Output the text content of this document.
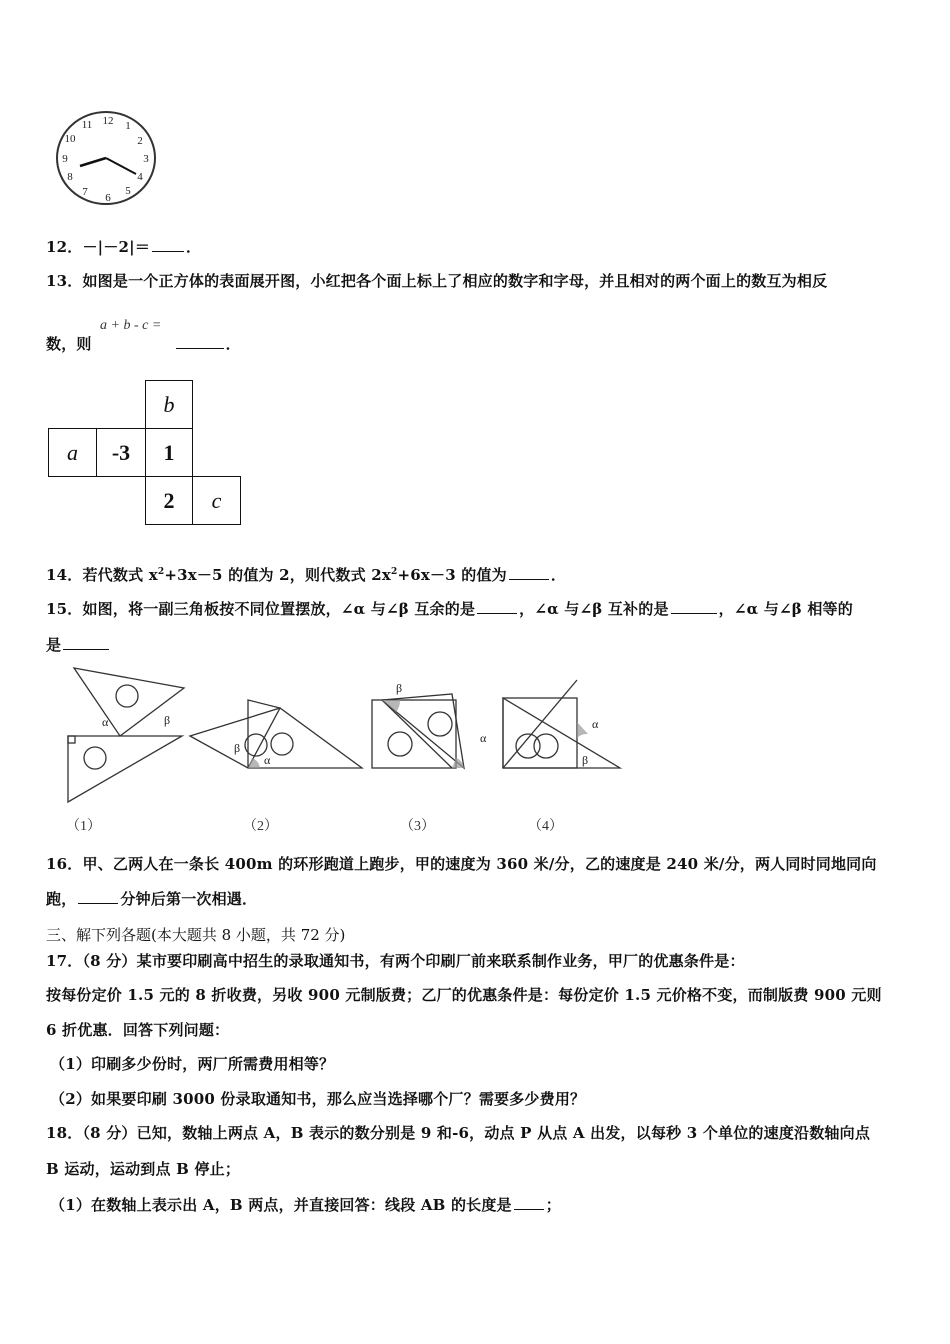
12 1
2
3
4
5
6
7
8
9
10
11
12．－|－2|＝ ．
13．如图是一个正方体的表面展开图，小红把各个面上标上了相应的数字和字母，并且相对的两个面上的数互为相反
数，则	．
a + b - c =
b
a	-3	1
2	c
14．若代数式 $x^2+3x-5$ 的值为 2，则代数式 $2x^2+6x-3$ 的值为	．
15．如图，将一副三角板按不同位置摆放，∠α 与∠β 互余的是	，∠α 与∠β 互补的是	，∠α 与∠β 相等的
是
α	β
β
α
β
α
α
β
（1）	（2）	（3）	（4）
16．甲、乙两人在一条长 400m 的环形跑道上跑步，甲的速度为 360 米/分，乙的速度是 240 米/分，两人同时同地同向
跑，	分钟后第一次相遇．
三、解下列各题(本大题共 8 小题，共 72 分)
17．（8 分）某市要印刷高中招生的录取通知书，有两个印刷厂前来联系制作业务，甲厂的优惠条件是：
按每份定价 1.5 元的 8 折收费，另收 900 元制版费；乙厂的优惠条件是：每份定价 1.5 元价格不变，而制版费 900 元则
6 折优惠．回答下列问题：
（1）印刷多少份时，两厂所需费用相等？
（2）如果要印刷 3000 份录取通知书，那么应当选择哪个厂？需要多少费用？
18．（8 分）已知，数轴上两点 A，B 表示的数分别是 9 和-6，动点 P 从点 A 出发，以每秒 3 个单位的速度沿数轴向点
B 运动，运动到点 B 停止；
（1）在数轴上表示出 A，B 两点，并直接回答：线段 AB 的长度是 ；
